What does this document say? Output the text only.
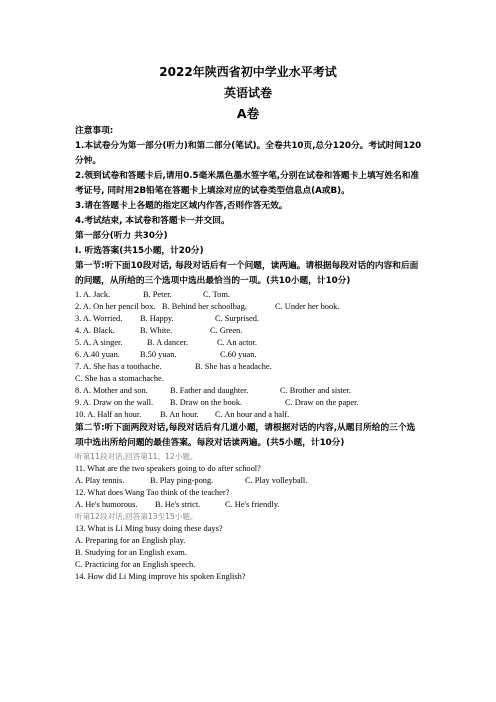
2022年陕西省初中学业水平考试
英语试卷
A卷
注意事项:
1.本试卷分为第一部分(听力)和第二部分(笔试)。全卷共10页,总分120分。考试时间120分钟。
2.领到试卷和答题卡后,请用0.5毫米黑色墨水签字笔,分别在试卷和答题卡上填写姓名和准考证号, 同时用2B铅笔在答题卡上填涂对应的试卷类型信息点(A或B)。
3.请在答题卡上各题的指定区域内作答,否则作答无效。
4.考试结束, 本试卷和答题卡一并交回。
第一部分(听力 共30分)
I. 听选答案(共15小题，计20分)
第一节:听下面10段对话, 每段对话后有一个问题，读两遍。请根据每段对话的内容和后面的问题，从所给的三个选项中选出最恰当的一项。(共10小题，计10分)
1. A. Jack.	B. Peter.	C. Tom.
2. A. On her pencil box. B. Behind her schoolbag.	C. Under her book.
3. A. Worried.	B. Happy.	C. Surprised.
4. A. Black.	B. White.	C. Green.
5. A. A singer.	B. A dancer.	C. An actor.
6. A.40 yuan.	B.50 yuan.	C.60 yuan.
7. A. She has a toothache.	B. She has a headache.
C. She has a stomachache.
8. A. Mother and son.	B. Father and daughter.	C. Brother and sister.
9. A. Draw on the wall.	B. Draw on the book.	C. Draw on the paper.
10. A. Half an hour.	B. An hour.	C. An hour and a half.
第二节:听下面两段对话,每段对话后有几道小题，请根据对话的内容,从题目所给的三个选项中选出所给问题的最佳答案。每段对话读两遍。(共5小题，计10分)
听第11段对话,回答第11、12小题。
11. What are the two speakers going to do after school?
A. Play tennis.	B. Play ping-pong.	C. Play volleyball.
12. What does Wang Tao think of the teacher?
A. He's humorous.	B. He's strict.	C. He's friendly.
听第12段对话,回答第13至15小题。
13. What is Li Ming busy doing these days?
A. Preparing for an English play.
B. Studying for an English exam.
C. Practicing for an English speech.
14. How did Li Ming improve his spoken English?
